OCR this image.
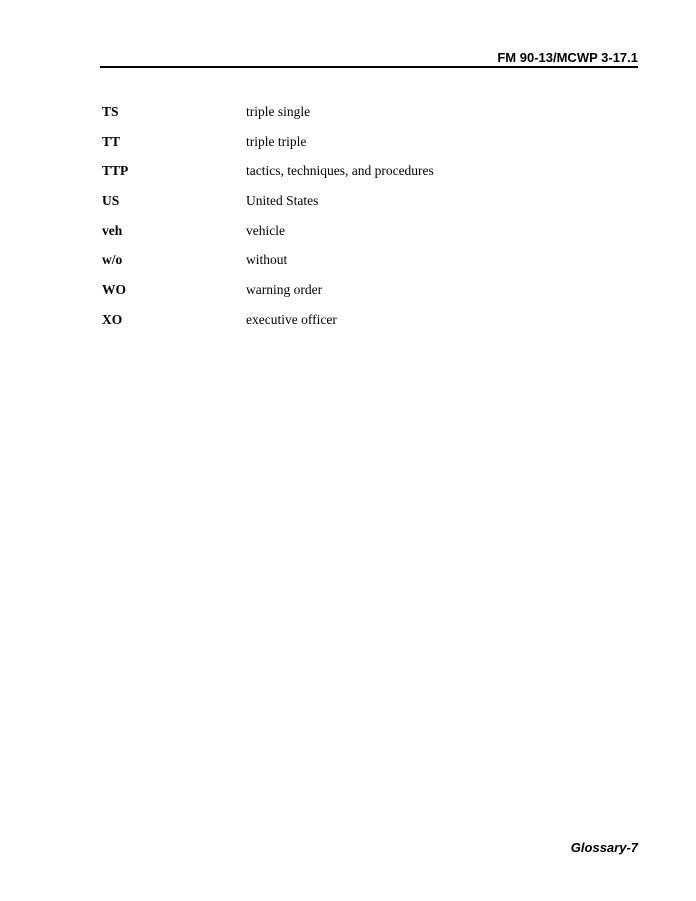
FM 90-13/MCWP 3-17.1
TS	triple single
TT	triple triple
TTP	tactics, techniques, and procedures
US	United States
veh	vehicle
w/o	without
WO	warning order
XO	executive officer
Glossary-7
